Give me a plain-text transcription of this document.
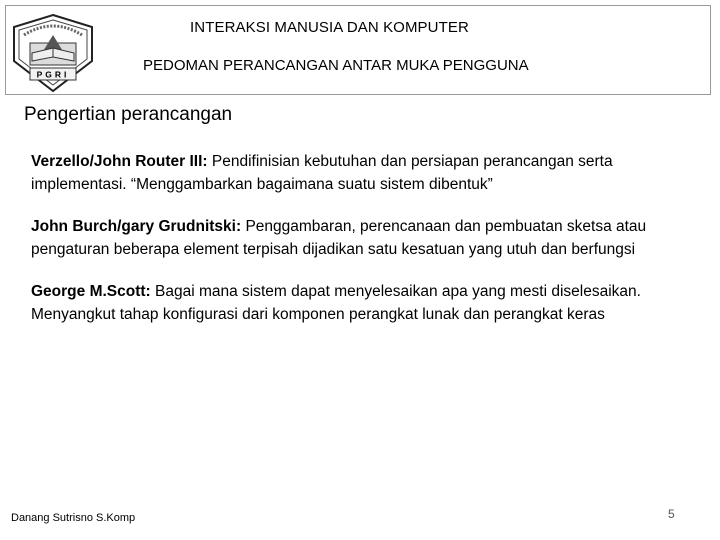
PGRI
INTERAKSI MANUSIA DAN KOMPUTER
PEDOMAN PERANCANGAN ANTAR MUKA PENGGUNA
Pengertian perancangan
Verzello/John Router III: Pendifinisian kebutuhan dan persiapan perancangan serta implementasi. “Menggambarkan bagaimana suatu sistem dibentuk”
John Burch/gary Grudnitski: Penggambaran, perencanaan dan pembuatan sketsa atau pengaturan beberapa element terpisah dijadikan satu kesatuan yang utuh dan berfungsi
George M.Scott: Bagai mana sistem dapat menyelesaikan apa yang mesti diselesaikan. Menyangkut tahap konfigurasi dari komponen perangkat lunak dan perangkat keras
Danang Sutrisno S.Komp	5
